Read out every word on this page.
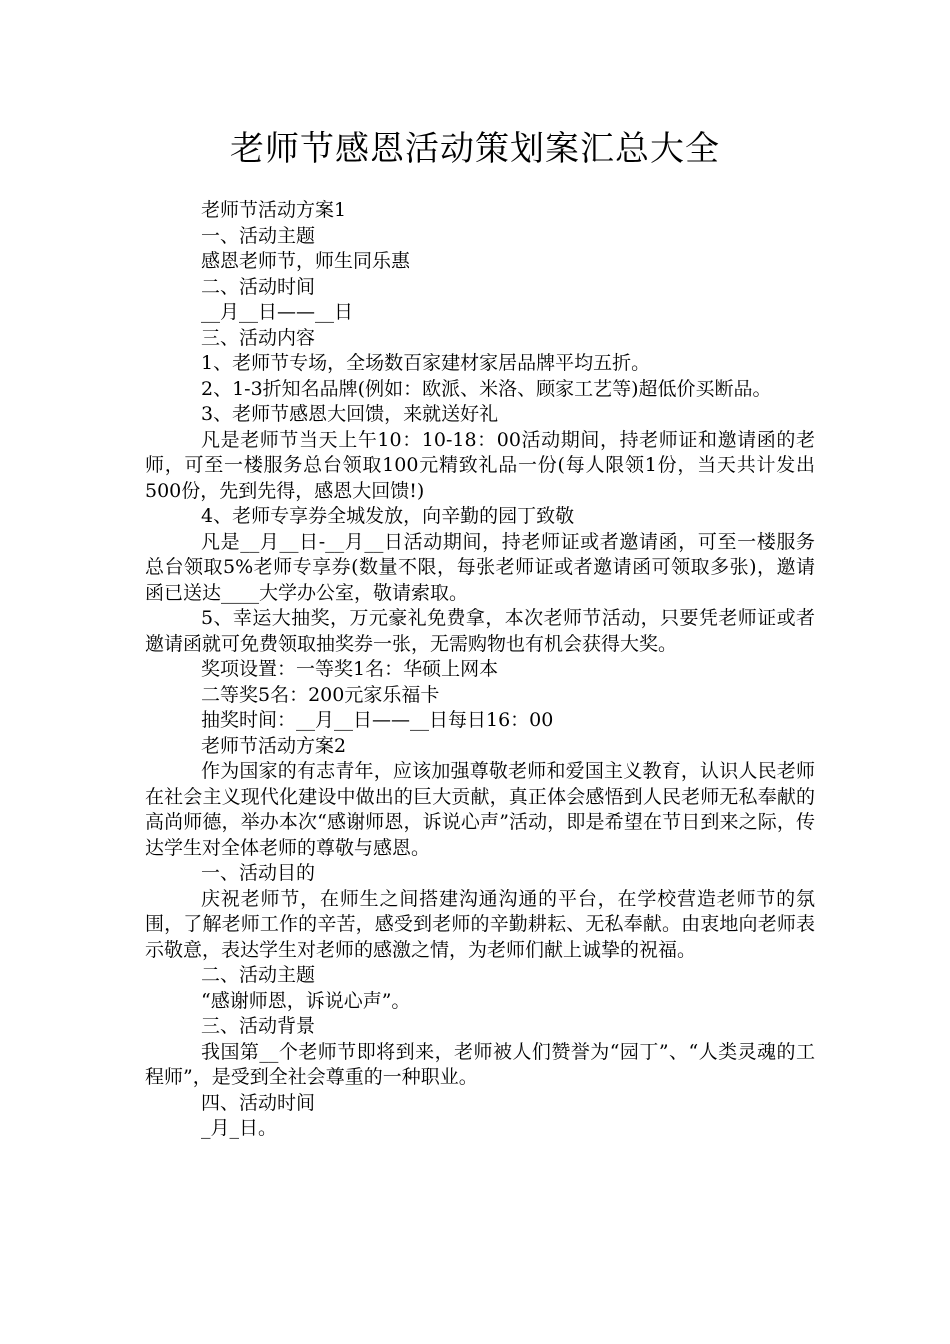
老师节感恩活动策划案汇总大全

老师节活动方案1

一、活动主题

感恩老师节，师生同乐惠

二、活动时间

__月__日——__日

三、活动内容

1、老师节专场，全场数百家建材家居品牌平均五折。

2、1-3折知名品牌(例如：欧派、米洛、顾家工艺等)超低价买断品。

3、老师节感恩大回馈，来就送好礼

凡是老师节当天上午10：10-18：00活动期间，持老师证和邀请函的老师，可至一楼服务总台领取100元精致礼品一份(每人限领1份，当天共计发出500份，先到先得，感恩大回馈!)

4、老师专享券全城发放，向辛勤的园丁致敬

凡是__月__日-__月__日活动期间，持老师证或者邀请函，可至一楼服务总台领取5%老师专享券(数量不限，每张老师证或者邀请函可领取多张)，邀请函已送达____大学办公室，敬请索取。

5、幸运大抽奖，万元豪礼免费拿，本次老师节活动，只要凭老师证或者邀请函就可免费领取抽奖券一张，无需购物也有机会获得大奖。

奖项设置：一等奖1名：华硕上网本

二等奖5名：200元家乐福卡

抽奖时间：__月__日——__日每日16：00

老师节活动方案2

作为国家的有志青年，应该加强尊敬老师和爱国主义教育，认识人民老师在社会主义现代化建设中做出的巨大贡献，真正体会感悟到人民老师无私奉献的高尚师德，举办本次“感谢师恩，诉说心声”活动，即是希望在节日到来之际，传达学生对全体老师的尊敬与感恩。

一、活动目的

庆祝老师节，在师生之间搭建沟通沟通的平台，在学校营造老师节的氛围，了解老师工作的辛苦，感受到老师的辛勤耕耘、无私奉献。由衷地向老师表示敬意，表达学生对老师的感激之情，为老师们献上诚挚的祝福。

二、活动主题

“感谢师恩，诉说心声”。

三、活动背景

我国第__个老师节即将到来，老师被人们赞誉为“园丁”、“人类灵魂的工程师”，是受到全社会尊重的一种职业。

四、活动时间

_月_日。
